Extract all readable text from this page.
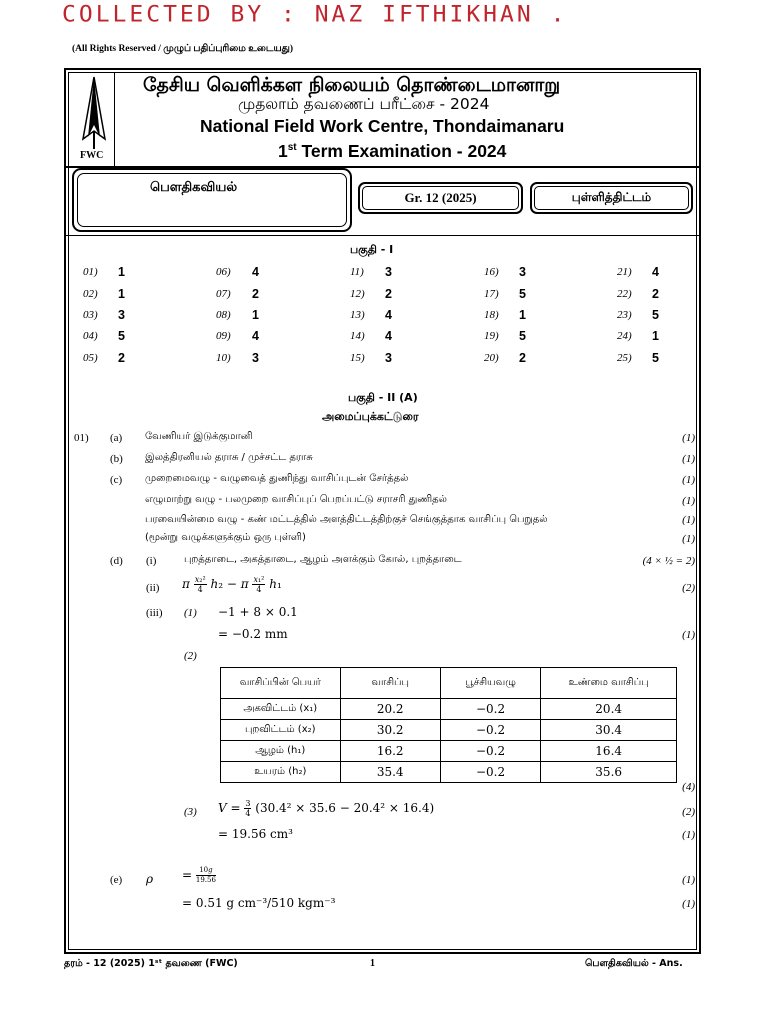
COLLECTED BY : NAZ IFTHIKHAN .
(All Rights Reserved / முழுப் பதிப்புரிமை உடையது)
FWC
தேசிய வெளிக்கள நிலையம் தொண்டைமானாறு
முதலாம் தவணைப் பரீட்சை - 2024
National Field Work Centre, Thondaimanaru
1st Term Examination - 2024
பௌதிகவியல்
Gr. 12 (2025)	புள்ளித்திட்டம்
பகுதி - I
01) 1
02) 1
03) 3
04) 5
05) 2
06) 4
07) 2
08) 1
09) 4
10) 3
11) 3
12) 2
13) 4
14) 4
15) 3
16) 3
17) 5
18) 1
19) 5
20) 2
21) 4
22) 2
23) 5
24) 1
25) 5
பகுதி - II (A)
அமைப்புக்கட்டுரை
01) (a) வேணியர் இடுக்குமானி	(1)
(b) இலத்திரனியல் தராசு / முச்சட்ட தராசு	(1)
(c) முறைமைவழு - வழுவைத் துணிந்து வாசிப்புடன் சேர்த்தல்	(1)
எழுமாற்று வழு - பலமுறை வாசிப்புப் பெறப்பட்டு சராசரி துணிதல்	(1)
பரவையின்மை வழு - கண் மட்டத்தில் அளத்திட்டத்திற்குச் செங்குத்தாக வாசிப்பு பெறுதல்	(1)
(மூன்று வழுக்களுக்கும் ஒரு புள்ளி)	(1)
(d) (i)	புறத்தாடை, அகத்தாடை, ஆழம் அளக்கும் கோல், புறத்தாடை	(4 × ½ = 2)
(ii) π $\frac{\text{x₂²}}{4} h_2 - \pi \frac{\text{x₁²}}{4} h_1$	(2)
(iii) (1) −1 + 8 × 0.1
= −0.2 mm	(1)
(2)
வாசிப்பின் பெயர்	வாசிப்பு	பூச்சியவழு	உண்மை வாசிப்பு
அகவிட்டம் (x₁)	20.2	−0.2	20.4
புறவிட்டம் (x₂)	30.2	−0.2	30.4
ஆழம் (h₁)	16.2	−0.2	16.4
உயரம் (h₂)	35.4	−0.2	35.6
(4)
(3) $V = \frac{3}{4} (30.4^2 \times 35.6 - 20.4^2 \times 16.4)$	(2)
= 19.56 cm³	(1)
(e) $\rho = \frac{10g}{19.56}$	(1)
= 0.51 g cm⁻³/510 kgm⁻³	(1)
தரம் - 12 (2025) 1ˢᵗ தவணை (FWC)	1	பௌதிகவியல் - Ans.
